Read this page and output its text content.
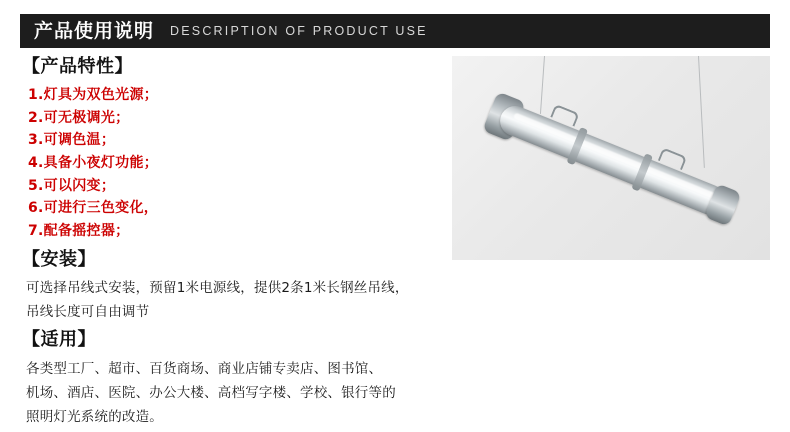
产品使用说明 DESCRIPTION OF PRODUCT USE
【产品特性】
1.灯具为双色光源；
2.可无极调光；
3.可调色温；
4.具备小夜灯功能；
5.可以闪变；
6.可进行三色变化，
7.配备摇控器；
【安装】

可选择吊线式安装，预留1米电源线，提供2条1米长钢丝吊线，

吊线长度可自由调节

【适用】

各类型工厂、超市、百货商场、商业店铺专卖店、图书馆、

机场、酒店、医院、办公大楼、高档写字楼、学校、银行等的

照明灯光系统的改造。
